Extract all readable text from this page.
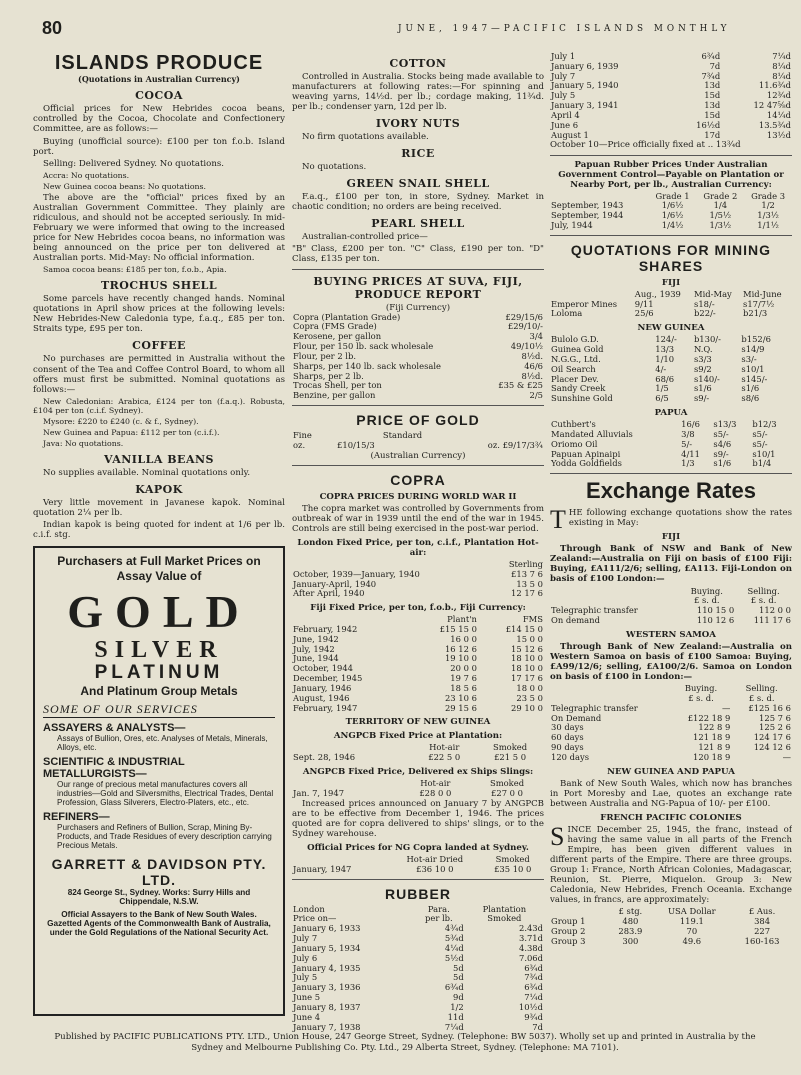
80	JUNE, 1947—PACIFIC ISLANDS MONTHLY
ISLANDS PRODUCE
(Quotations in Australian Currency)
COCOA

Official prices for New Hebrides cocoa beans, controlled by the Cocoa, Chocolate and Confectionery Committee, are as follows:—

Buying (unofficial source): £100 per ton f.o.b. Island port.

Selling: Delivered Sydney. No quotations.

Accra: No quotations.

New Guinea cocoa beans: No quotations.

The above are the "official" prices fixed by an Australian Government Committee. They plainly are ridiculous, and should not be accepted seriously. In mid-February we were informed that owing to the increased price for New Hebrides cocoa beans, no information was being announced on the price per ton delivered at Australian ports. Mid-May: No official information.

Samoa cocoa beans: £185 per ton, f.o.b., Apia.

TROCHUS SHELL

Some parcels have recently changed hands. Nominal quotations in April show prices at the following levels: New Hebrides-New Caledonia type, f.a.q., £85 per ton. Straits type, £95 per ton.

COFFEE

No purchases are permitted in Australia without the consent of the Tea and Coffee Control Board, to whom all offers must first be submitted. Nominal quotations as follows:—

New Caledonian: Arabica, £124 per ton (f.a.q.). Robusta, £104 per ton (c.i.f. Sydney).

Mysore: £220 to £240 (c. & f., Sydney).

New Guinea and Papua: £112 per ton (c.i.f.).

Java: No quotations.

VANILLA BEANS

No supplies available. Nominal quotations only.

KAPOK

Very little movement in Javanese kapok. Nominal quotation 2¼ per lb.

Indian kapok is being quoted for indent at 1/6 per lb. c.i.f. stg.

Purchasers at Full Market Prices on Assay Value of
GOLD
SILVER
PLATINUM
And Platinum Group Metals
SOME OF OUR SERVICES
ASSAYERS & ANALYSTS—
Assays of Bullion, Ores, etc. Analyses of Metals, Minerals, Alloys, etc.
SCIENTIFIC & INDUSTRIAL METALLURGISTS—
Our range of precious metal manufactures covers all industries—Gold and Silversmiths, Electrical Trades, Dental Profession, Glass Silverers, Electro-Platers, etc., etc.
REFINERS—
Purchasers and Refiners of Bullion, Scrap, Mining By-Products, and Trade Residues of every description carrying Precious Metals.
GARRETT & DAVIDSON PTY. LTD.
824 George St., Sydney. Works: Surry Hills and Chippendale, N.S.W.
Official Assayers to the Bank of New South Wales. Gazetted Agents of the Commonwealth Bank of Australia, under the Gold Regulations of the National Security Act.
COTTON

Controlled in Australia. Stocks being made available to manufacturers at following rates:—For spinning and weaving yarns, 14½d. per lb.; cordage making, 11¾d. per lb.; condenser yarn, 12d per lb.

IVORY NUTS

No firm quotations available.

RICE

No quotations.

GREEN SNAIL SHELL

F.a.q., £100 per ton, in store, Sydney. Market in chaotic condition; no orders are being received.

PEARL SHELL

Australian-controlled price—

"B" Class, £200 per ton. "C" Class, £190 per ton. "D" Class, £135 per ton.

BUYING PRICES AT SUVA, FIJI, PRODUCE REPORT
(Fiji Currency)
Copra (Plantation Grade)	£29/15/6
Copra (FMS Grade)	£29/10/-
Kerosene, per gallon	3/4
Flour, per 150 lb. sack wholesale	49/10½
Flour, per 2 lb.	8½d.
Sharps, per 140 lb. sack wholesale	46/6
Sharps, per 2 lb.	8½d.
Trocas Shell, per ton	£35 & £25
Benzine, per gallon	2/5
PRICE OF GOLD
Fine	Standard	
oz.	£10/15/3	oz. £9/17/3¾
(Australian Currency)
COPRA
COPRA PRICES DURING WORLD WAR II

The copra market was controlled by Governments from outbreak of war in 1939 until the end of the war in 1945. Controls are still being exercised in the post-war period.

London Fixed Price, per ton, c.i.f., Plantation Hot-air:
	Sterling
October, 1939—January, 1940	£13 7 6
January-April, 1940	13 5 0
After April, 1940	12 17 6
Fiji Fixed Price, per ton, f.o.b., Fiji Currency:
	Plant'n	FMS
February, 1942	£15 15 0	£14 15 0
June, 1942	16 0 0	15 0 0
July, 1942	16 12 6	15 12 6
June, 1944	19 10 0	18 10 0
October, 1944	20 0 0	18 10 0
December, 1945	19 7 6	17 17 6
January, 1946	18 5 6	18 0 0
August, 1946	23 10 6	23 5 0
February, 1947	29 15 6	29 10 0
TERRITORY OF NEW GUINEA
ANGPCB Fixed Price at Plantation:
	Hot-air	Smoked
Sept. 28, 1946	£22 5 0	£21 5 0
ANGPCB Fixed Price, Delivered ex Ships Slings:
	Hot-air	Smoked
Jan. 7, 1947	£28 0 0	£27 0 0

Increased prices announced on January 7 by ANGPCB are to be effective from December 1, 1946. The prices quoted are for copra delivered to ships' slings, or to the Sydney warehouse.

Official Prices for NG Copra landed at Sydney.
	Hot-air Dried	Smoked
January, 1947	£36 10 0	£35 10 0
RUBBER
London	Para.	Plantation
Price on—	per lb.	Smoked
January 6, 1933	4¾d	2.43d
July 7	5¾d	3.71d
January 5, 1934	4¼d	4.38d
July 6	5½d	7.06d
January 4, 1935	5d	6¾d
July 5	5d	7¾d
January 3, 1936	6¾d	6¾d
June 5	9d	7¼d
January 8, 1937	1/2	10½d
June 4	11d	9¾d
January 7, 1938	7¼d	7d
July 1	6¾d	7¼d
January 6, 1939	7d	8¼d
July 7	7¾d	8¼d
January 5, 1940	13d	11.6¾d
July 5	15d	12¾d
January 3, 1941	13d	12 47⅝d
April 4	15d	14¼d
June 6	16½d	13.5¾d
August 1	17d	13½d
October 10—Price officially fixed at .. 13¾d
Papuan Rubber Prices Under Australian Government Control—Payable on Plantation or Nearby Port, per lb., Australian Currency:
	Grade 1	Grade 2	Grade 3
September, 1943	1/6½	1/4	1/2
September, 1944	1/6½	1/5½	1/3½
July, 1944	1/4½	1/3½	1/1½
QUOTATIONS FOR MINING SHARES
FIJI
	Aug., 1939	Mid-May	Mid-June
Emperor Mines	9/11	s18/-	s17/7½
Loloma	25/6	b22/-	b21/3
NEW GUINEA
Bulolo G.D.	124/-	b130/-	b152/6
Guinea Gold	13/3	N.Q.	s14/9
N.G.G., Ltd.	1/10	s3/3	s3/-
Oil Search	4/-	s9/2	s10/1
Placer Dev.	68/6	s140/-	s145/-
Sandy Creek	1/5	s1/6	s1/6
Sunshine Gold	6/5	s9/-	s8/6
PAPUA
Cuthbert's	16/6	s13/3	b12/3
Mandated Alluvials	3/8	s5/-	s5/-
Oriomo Oil	5/-	s4/6	s5/-
Papuan Apinaipi	4/11	s9/-	s10/1
Yodda Goldfields	1/3	s1/6	b1/4
Exchange Rates

THE following exchange quotations show the rates existing in May:

FIJI

Through Bank of NSW and Bank of New Zealand:—Australia on Fiji on basis of £100 Fiji: Buying, £A111/2/6; selling, £A113. Fiji-London on basis of £100 London:—

	Buying.	Selling.
	£ s. d.	£ s. d.
Telegraphic transfer	110 15 0	112 0 0
On demand	110 12 6	111 17 6
WESTERN SAMOA

Through Bank of New Zealand:—Australia on Western Samoa on basis of £100 Samoa: Buying, £A99/12/6; selling, £A100/2/6. Samoa on London on basis of £100 in London:—

	Buying.	Selling.
	£ s. d.	£ s. d.
Telegraphic transfer	—	£125 16 6
On Demand	£122 18 9	125 7 6
30 days	122 8 9	125 2 6
60 days	121 18 9	124 17 6
90 days	121 8 9	124 12 6
120 days	120 18 9	—
NEW GUINEA AND PAPUA

Bank of New South Wales, which now has branches in Port Moresby and Lae, quotes an exchange rate between Australia and NG-Papua of 10/- per £100.

FRENCH PACIFIC COLONIES

SINCE December 25, 1945, the franc, instead of having the same value in all parts of the French Empire, has been given different values in different parts of the Empire. There are three groups. Group 1: France, North African Colonies, Madagascar, Reunion, St. Pierre, Miquelon. Group 3: New Caledonia, New Hebrides, French Oceania. Exchange values, in francs, are approximately:

	£ stg.	USA Dollar	£ Aus.
Group 1	480	119.1	384
Group 2	283.9	70	227
Group 3	300	49.6	160-163
Published by PACIFIC PUBLICATIONS PTY. LTD., Union House, 247 George Street, Sydney. (Telephone: BW 5037). Wholly set up and printed in Australia by the Sydney and Melbourne Publishing Co. Pty. Ltd., 29 Alberta Street, Sydney. (Telephone: MA 7101).
